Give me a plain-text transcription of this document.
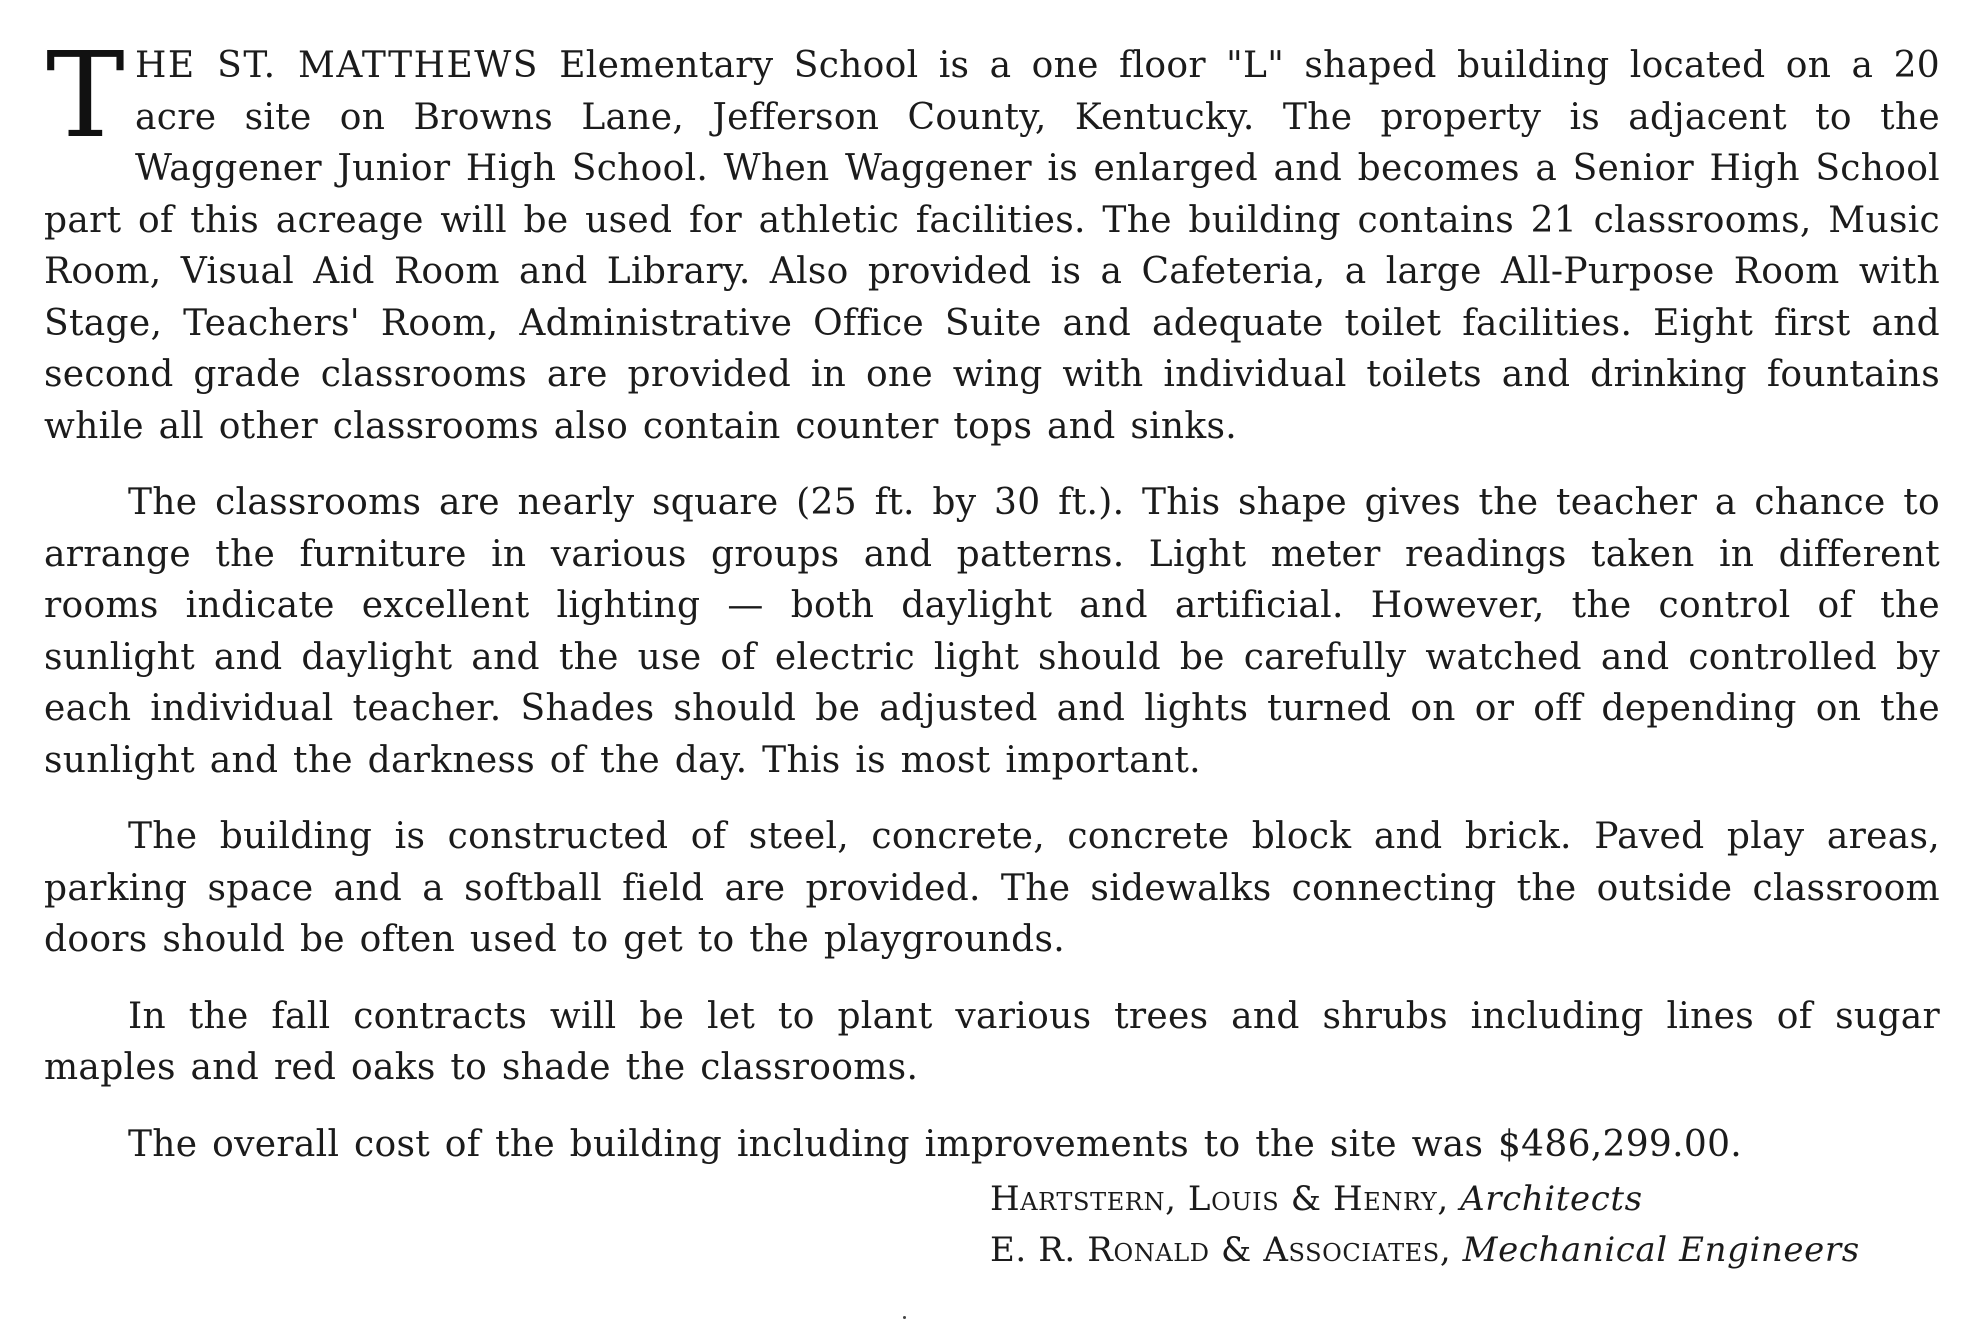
THE ST. MATTHEWS Elementary School is a one floor "L" shaped building located on a 20 acre site on Browns Lane, Jefferson County, Kentucky. The property is adjacent to the Waggener Junior High School. When Waggener is enlarged and becomes a Senior High School part of this acreage will be used for athletic facilities. The building contains 21 classrooms, Music Room, Visual Aid Room and Library. Also provided is a Cafeteria, a large All-Purpose Room with Stage, Teachers' Room, Administrative Office Suite and adequate toilet facilities. Eight first and second grade classrooms are provided in one wing with individual toilets and drinking fountains while all other classrooms also contain counter tops and sinks.

The classrooms are nearly square (25 ft. by 30 ft.). This shape gives the teacher a chance to arrange the furniture in various groups and patterns. Light meter readings taken in different rooms indicate excellent lighting — both daylight and artificial. However, the control of the sunlight and daylight and the use of electric light should be carefully watched and controlled by each individual teacher. Shades should be adjusted and lights turned on or off depending on the sunlight and the darkness of the day. This is most important.

The building is constructed of steel, concrete, concrete block and brick. Paved play areas, parking space and a softball field are provided. The sidewalks connecting the outside classroom doors should be often used to get to the playgrounds.

In the fall contracts will be let to plant various trees and shrubs including lines of sugar maples and red oaks to shade the classrooms.

The overall cost of the building including improvements to the site was $486,299.00.

Hartstern, Louis & Henry, Architects
E. R. Ronald & Associates, Mechanical Engineers
